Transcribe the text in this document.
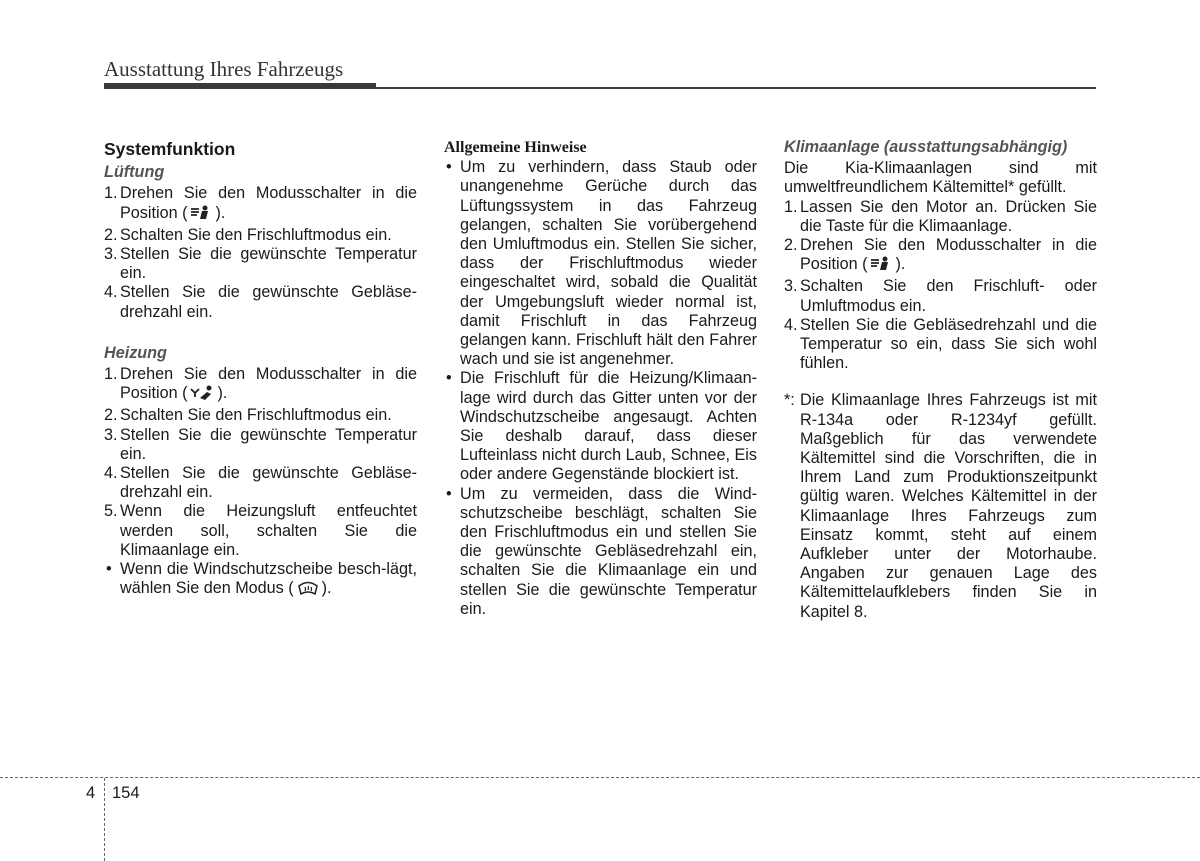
Ausstattung Ihres Fahrzeugs
Systemfunktion
Lüftung
1. Drehen Sie den Modusschalter in die Position ( ).
2. Schalten Sie den Frischluftmodus ein.
3. Stellen Sie die gewünschte Temperatur ein.
4. Stellen Sie die gewünschte Gebläse-drehzahl ein.
Heizung
1. Drehen Sie den Modusschalter in die Position ( ).
2. Schalten Sie den Frischluftmodus ein.
3. Stellen Sie die gewünschte Temperatur ein.
4. Stellen Sie die gewünschte Gebläse-drehzahl ein.
5. Wenn die Heizungsluft entfeuchtet werden soll, schalten Sie die Klimaanlage ein.
• Wenn die Windschutzscheibe besch-lägt, wählen Sie den Modus ( ).
Allgemeine Hinweise
• Um zu verhindern, dass Staub oder unangenehme Gerüche durch das Lüftungssystem in das Fahrzeug gelangen, schalten Sie vorübergehend den Umluftmodus ein. Stellen Sie sicher, dass der Frischluftmodus wieder eingeschaltet wird, sobald die Qualität der Umgebungsluft wieder normal ist, damit Frischluft in das Fahrzeug gelangen kann. Frischluft hält den Fahrer wach und sie ist angenehmer.
• Die Frischluft für die Heizung/Klimaan-lage wird durch das Gitter unten vor der Windschutzscheibe angesaugt. Achten Sie deshalb darauf, dass dieser Lufteinlass nicht durch Laub, Schnee, Eis oder andere Gegenstände blockiert ist.
• Um zu vermeiden, dass die Wind-schutzscheibe beschlägt, schalten Sie den Frischluftmodus ein und stellen Sie die gewünschte Gebläsedrehzahl ein, schalten Sie die Klimaanlage ein und stellen Sie die gewünschte Temperatur ein.
Klimaanlage (ausstattungsabhängig)
Die Kia-Klimaanlagen sind mit umweltfreundlichem Kältemittel* gefüllt.
1. Lassen Sie den Motor an. Drücken Sie die Taste für die Klimaanlage.
2. Drehen Sie den Modusschalter in die Position ( ).
3. Schalten Sie den Frischluft- oder Umluftmodus ein.
4. Stellen Sie die Gebläsedrehzahl und die Temperatur so ein, dass Sie sich wohl fühlen.
*: Die Klimaanlage Ihres Fahrzeugs ist mit R-134a oder R-1234yf gefüllt. Maßgeblich für das verwendete Kältemittel sind die Vorschriften, die in Ihrem Land zum Produktionszeitpunkt gültig waren. Welches Kältemittel in der Klimaanlage Ihres Fahrzeugs zum Einsatz kommt, steht auf einem Aufkleber unter der Motorhaube. Angaben zur genauen Lage des Kältemittelaufklebers finden Sie in Kapitel 8.
4 154
